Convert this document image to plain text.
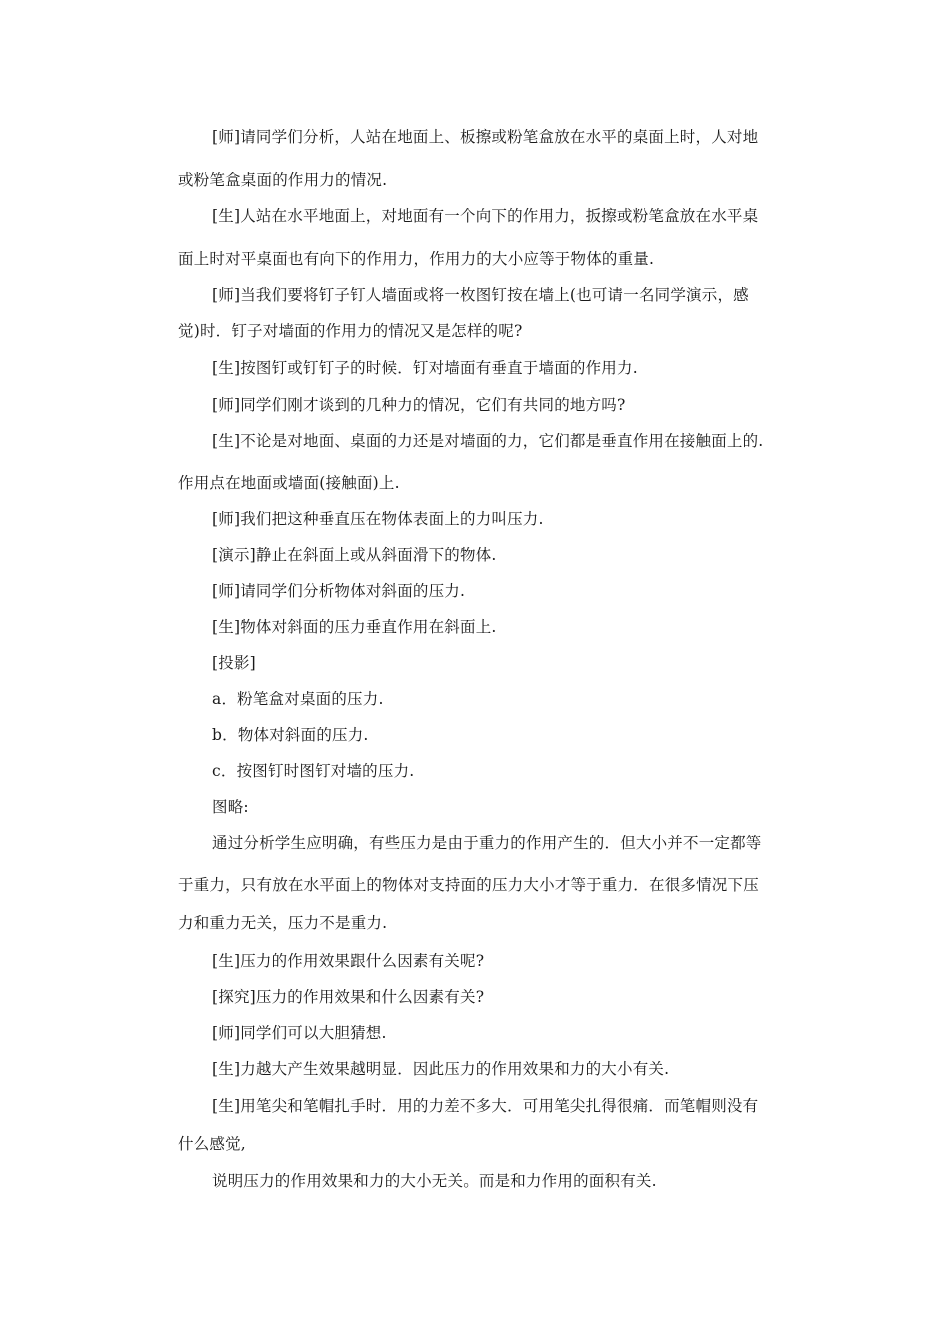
[师]请同学们分析，人站在地面上、板擦或粉笔盒放在水平的桌面上时，人对地
或粉笔盒桌面的作用力的情况.
[生]人站在水平地面上，对地面有一个向下的作用力，扳擦或粉笔盒放在水平桌
面上时对平桌面也有向下的作用力，作用力的大小应等于物体的重量.
[师]当我们要将钉子钉人墙面或将一枚图钉按在墙上(也可请一名同学演示，感
觉)时．钉子对墙面的作用力的情况又是怎样的呢?
[生]按图钉或钉钉子的时候．钉对墙面有垂直于墙面的作用力.
[师]同学们刚才谈到的几种力的情况，它们有共同的地方吗?
[生]不论是对地面、桌面的力还是对墙面的力，它们都是垂直作用在接触面上的.
作用点在地面或墙面(接触面)上.
[师]我们把这种垂直压在物体表面上的力叫压力.
[演示]静止在斜面上或从斜面滑下的物体.
[师]请同学们分析物体对斜面的压力.
[生]物体对斜面的压力垂直作用在斜面上.
[投影]
a．粉笔盒对桌面的压力.
b．物体对斜面的压力.
c．按图钉时图钉对墙的压力.
图略:
通过分析学生应明确，有些压力是由于重力的作用产生的．但大小并不一定都等
于重力，只有放在水平面上的物体对支持面的压力大小才等于重力．在很多情况下压
力和重力无关，压力不是重力.
[生]压力的作用效果跟什么因素有关呢?
[探究]压力的作用效果和什么因素有关?
[师]同学们可以大胆猜想.
[生]力越大产生效果越明显．因此压力的作用效果和力的大小有关.
[生]用笔尖和笔帽扎手时．用的力差不多大．可用笔尖扎得很痛．而笔帽则没有
什么感觉,
说明压力的作用效果和力的大小无关。而是和力作用的面积有关.
